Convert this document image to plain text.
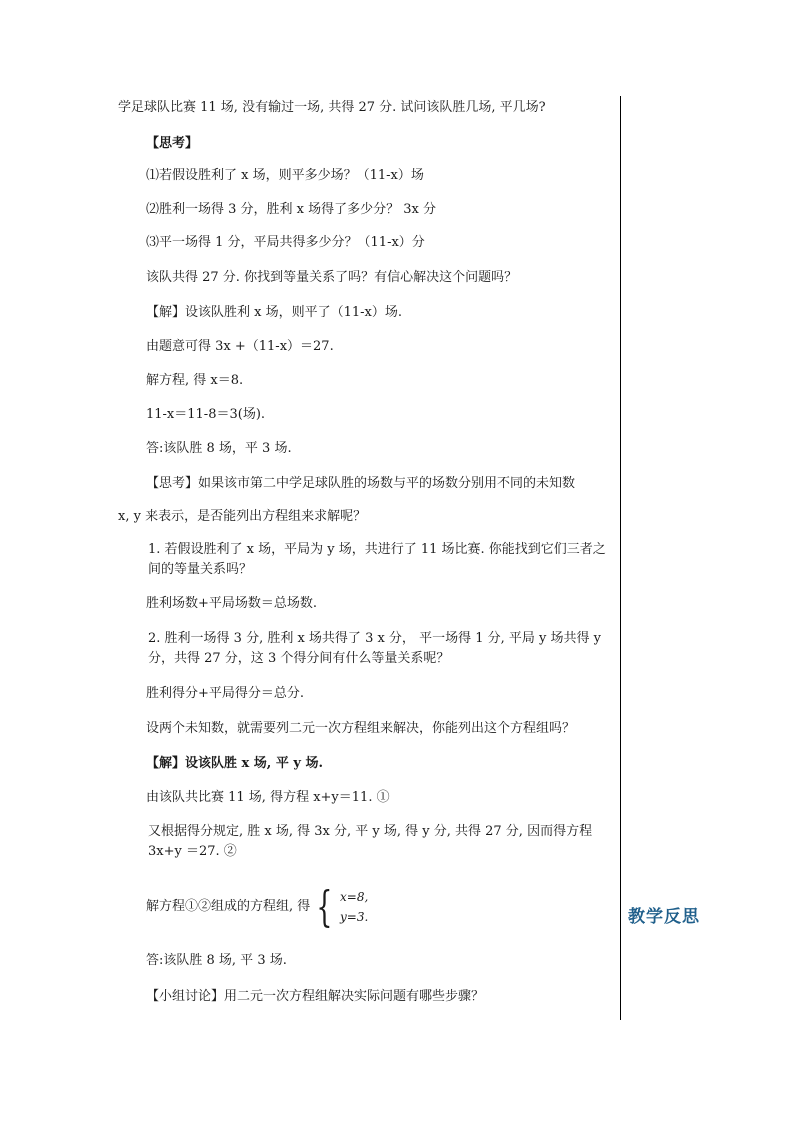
学足球队比赛 11 场, 没有输过一场, 共得 27 分. 试问该队胜几场, 平几场?
【思考】
⑴若假设胜利了 x 场，则平多少场？（11-x）场
⑵胜利一场得 3 分，胜利 x 场得了多少分？ 3x 分
⑶平一场得 1 分，平局共得多少分？（11-x）分
该队共得 27 分. 你找到等量关系了吗？有信心解决这个问题吗？
【解】设该队胜利 x 场，则平了（11-x）场.
由题意可得 3x +（11-x）＝27.
解方程, 得 x＝8.
11-x＝11-8＝3(场).
答:该队胜 8 场，平 3 场.
【思考】如果该市第二中学足球队胜的场数与平的场数分别用不同的未知数
x, y 来表示，是否能列出方程组来求解呢？
1. 若假设胜利了 x 场，平局为 y 场，共进行了 11 场比赛. 你能找到它们三者之间的等量关系吗？
胜利场数+平局场数＝总场数.
2. 胜利一场得 3 分, 胜利 x 场共得了 3 x 分， 平一场得 1 分, 平局 y 场共得 y 分，共得 27 分，这 3 个得分间有什么等量关系呢？
胜利得分+平局得分＝总分.
设两个未知数，就需要列二元一次方程组来解决，你能列出这个方程组吗？
【解】设该队胜 x 场, 平 y 场.
由该队共比赛 11 场, 得方程 x+y＝11. ①
又根据得分规定, 胜 x 场, 得 3x 分, 平 y 场, 得 y 分, 共得 27 分, 因而得方程 3x+y ＝27. ②
解方程①②组成的方程组, 得 { x=8,
y=3.
答:该队胜 8 场, 平 3 场.
【小组讨论】用二元一次方程组解决实际问题有哪些步骤？
教学反思
